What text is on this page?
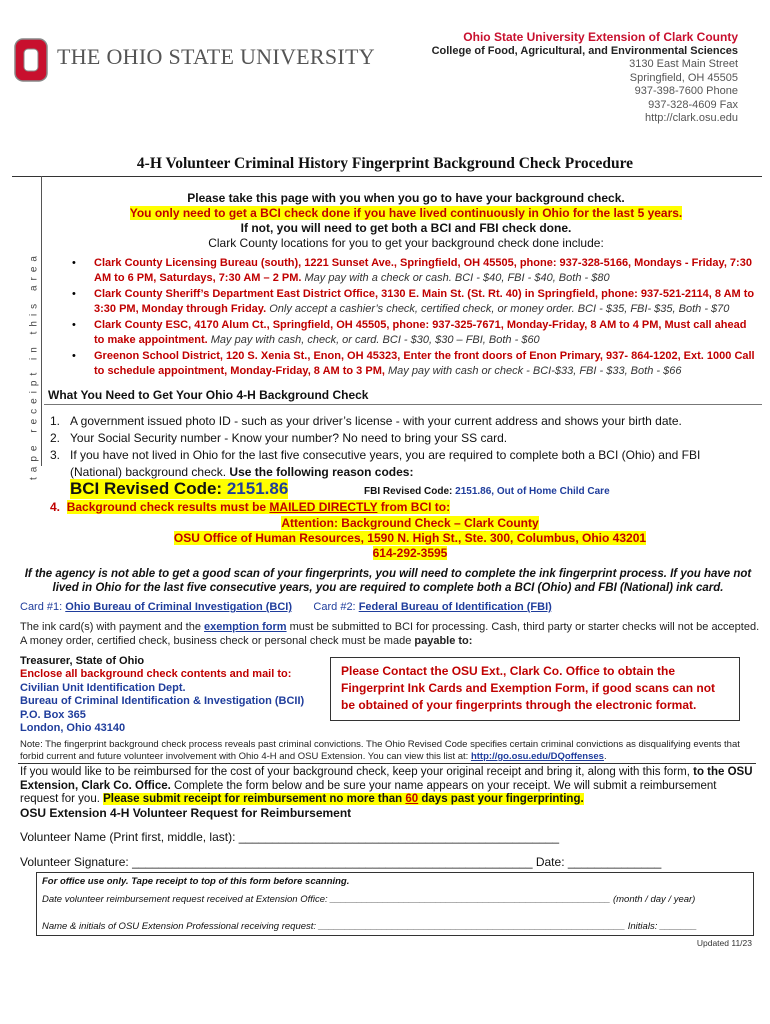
THE OHIO STATE UNIVERSITY
Ohio State University Extension of Clark County
College of Food, Agricultural, and Environmental Sciences
3130 East Main Street
Springfield, OH 45505
937-398-7600 Phone
937-328-4609 Fax
http://clark.osu.edu
4-H Volunteer Criminal History Fingerprint Background Check Procedure
tape receipt in this area
Please take this page with you when you go to have your background check.
You only need to get a BCI check done if you have lived continuously in Ohio for the last 5 years.
If not, you will need to get both a BCI and FBI check done.
Clark County locations for you to get your background check done include:
• Clark County Licensing Bureau (south), 1221 Sunset Ave., Springfield, OH 45505, phone: 937-328-5166, Mondays - Friday, 7:30 AM to 6 PM, Saturdays, 7:30 AM – 2 PM. May pay with a check or cash. BCI - $40, FBI - $40, Both - $80
• Clark County Sheriff’s Department East District Office, 3130 E. Main St. (St. Rt. 40) in Springfield, phone: 937-521-2114, 8 AM to 3:30 PM, Monday through Friday. Only accept a cashier’s check, certified check, or money order. BCI - $35, FBI- $35, Both - $70
• Clark County ESC, 4170 Alum Ct., Springfield, OH 45505, phone: 937-325-7671, Monday-Friday, 8 AM to 4 PM, Must call ahead to make appointment. May pay with cash, check, or card. BCI - $30, $30 – FBI, Both - $60
• Greenon School District, 120 S. Xenia St., Enon, OH 45323, Enter the front doors of Enon Primary, 937- 864-1202, Ext. 1000 Call to schedule appointment, Monday-Friday, 8 AM to 3 PM, May pay with cash or check - BCI-$33, FBI - $33, Both - $66
What You Need to Get Your Ohio 4-H Background Check
1. A government issued photo ID - such as your driver’s license - with your current address and shows your birth date.
2. Your Social Security number - Know your number? No need to bring your SS card.
3. If you have not lived in Ohio for the last five consecutive years, you are required to complete both a BCI (Ohio) and FBI (National) background check. Use the following reason codes:
BCI Revised Code: 2151.86	FBI Revised Code: 2151.86, Out of Home Child Care
4.  Background check results must be MAILED DIRECTLY from BCI to:
Attention: Background Check – Clark County
OSU Office of Human Resources, 1590 N. High St., Ste. 300, Columbus, Ohio 43201
614-292-3595
If the agency is not able to get a good scan of your fingerprints, you will need to complete the ink fingerprint process. If you have not lived in Ohio for the last five consecutive years, you are required to complete both a BCI (Ohio) and FBI (National) ink card.
Card #1: Ohio Bureau of Criminal Investigation (BCI) Card #2: Federal Bureau of Identification (FBI)
The ink card(s) with payment and the exemption form must be submitted to BCI for processing. Cash, third party or starter checks will not be accepted. A money order, certified check, business check or personal check must be made payable to:
Treasurer, State of Ohio
Enclose all background check contents and mail to:
Civilian Unit Identification Dept.
Bureau of Criminal Identification & Investigation (BCII)
P.O. Box 365
London, Ohio 43140
Please Contact the OSU Ext., Clark Co. Office to obtain the Fingerprint Ink Cards and Exemption Form, if good scans can not be obtained of your fingerprints through the electronic format.
Note: The fingerprint background check process reveals past criminal convictions. The Ohio Revised Code specifies certain criminal convictions as disqualifying events that forbid current and future volunteer involvement with Ohio 4-H and OSU Extension. You can view this list at: http://go.osu.edu/DQoffenses.
If you would like to be reimbursed for the cost of your background check, keep your original receipt and bring it, along with this form, to the OSU Extension, Clark Co. Office. Complete the form below and be sure your name appears on your receipt. We will submit a reimbursement request for you. Please submit receipt for reimbursement no more than 60 days past your fingerprinting.
OSU Extension 4-H Volunteer Request for Reimbursement
Volunteer Name (Print first, middle, last): ________________________________________________
Volunteer Signature: ____________________________________________________________ Date: ______________
For office use only. Tape receipt to top of this form before scanning.
Date volunteer reimbursement request received at Extension Office: _____________________________________________________ (month / day / year)
Name & initials of OSU Extension Professional receiving request: __________________________________________________________ Initials: _______
Updated 11/23
